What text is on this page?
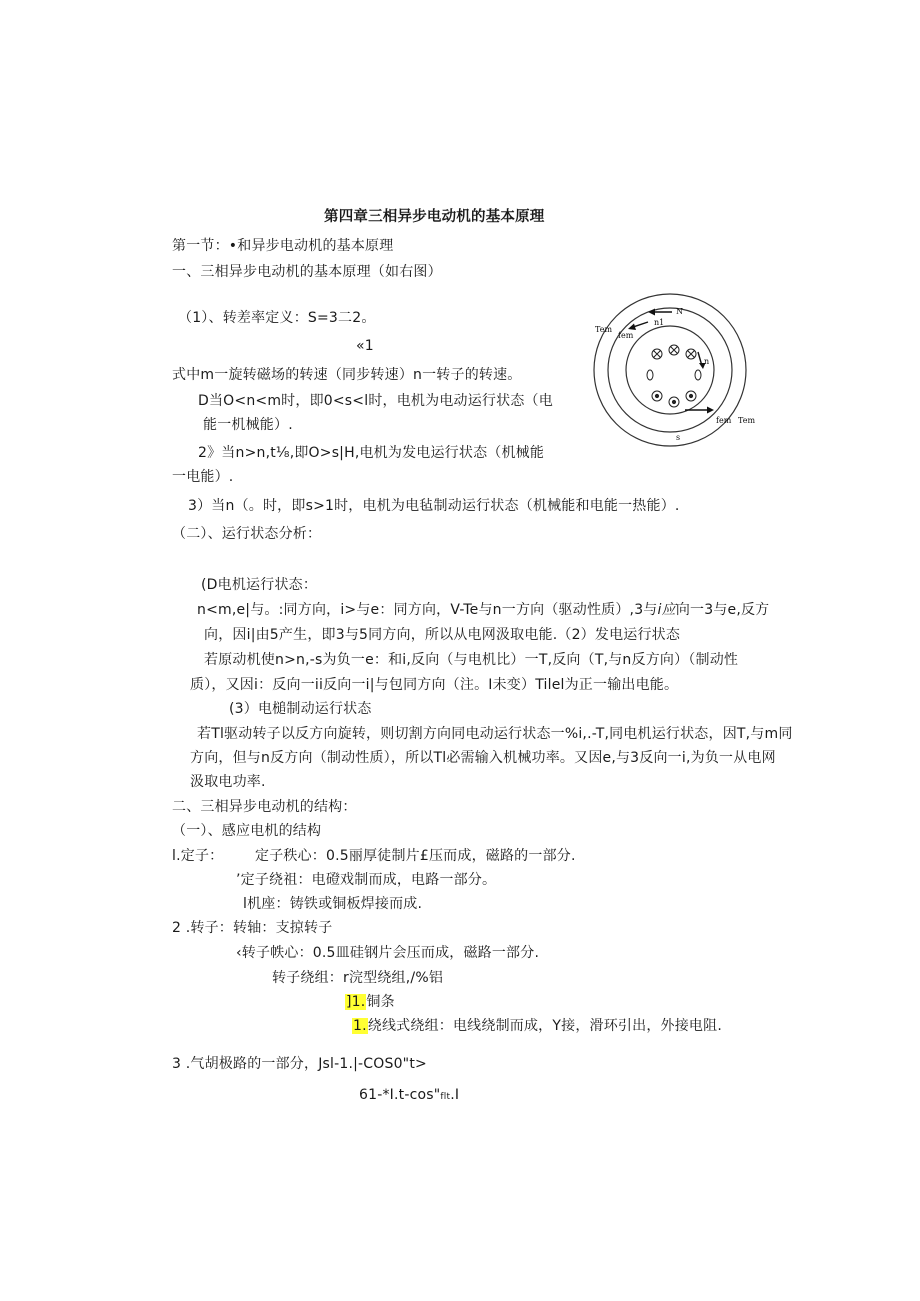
第四章三相异步电动机的基本原理
第一节：•和异步电动机的基本原理
一、三相异步电动机的基本原理（如右图）
（1）、转差率定义：S=3二2。
«1
式中m一旋转磁场的转速（同步转速）n一转子的转速。
D当O<n<m时，即0<s<l时，电机为电动运行状态（电
能一机械能）.
2》当n>n,t⅛,即O>s|H,电机为发电运行状态（机械能
一电能）.
3）当n（。时，即s>1时，电机为电毡制动运行状态（机械能和电能一热能）.
（二）、运行状态分析：
(D电机运行状态：
n<m,e|与。:同方向，i>与e：同方向，V-Te与n一方向（驱动性质）,3与i应向一3与e,反方
向，因i|由5产生，即3与5同方向，所以从电网汲取电能.（2）发电运行状态
若原动机使n>n,-s为负一e：和i,反向（与电机比）一T,反向（T,与n反方向）（制动性
质），又因i：反向一ii反向一i|与包同方向（注。I未变）Tilel为正一输出电能。
(3）电槌制动运行状态
若Tl驱动转子以反方向旋转，则切割方向同电动运行状态一%i,.-T,同电机运行状态，因T,与m同
方向，但与n反方向（制动性质），所以Tl必需输入机械功率。又因e,与3反向一i,为负一从电网
汲取电功率.
二、三相异步电动机的结构：
（一）、感应电机的结构
l.定子： 定子秩心：0.5丽厚徒制片£压而成，磁路的一部分.
’定子绕祖：电磴戏制而成，电路一部分。
l机座：铸铁或铜板焊接而成.
2 .转子：转轴：支掠转子
‹转子帙心：0.5皿硅钢片会压而成，磁路一部分.
转子绕组：r浣型绕组,/%铝
]1.铜条
1.绕线式绕组：电线绕制而成，Y接，滑环引出，外接电阻.
3 .气胡极路的一部分，Jsl-1.|-COS0"t>
61-*I.t-cos"flt.I
N
n1
Tem
fem
n
fem Tem
s
